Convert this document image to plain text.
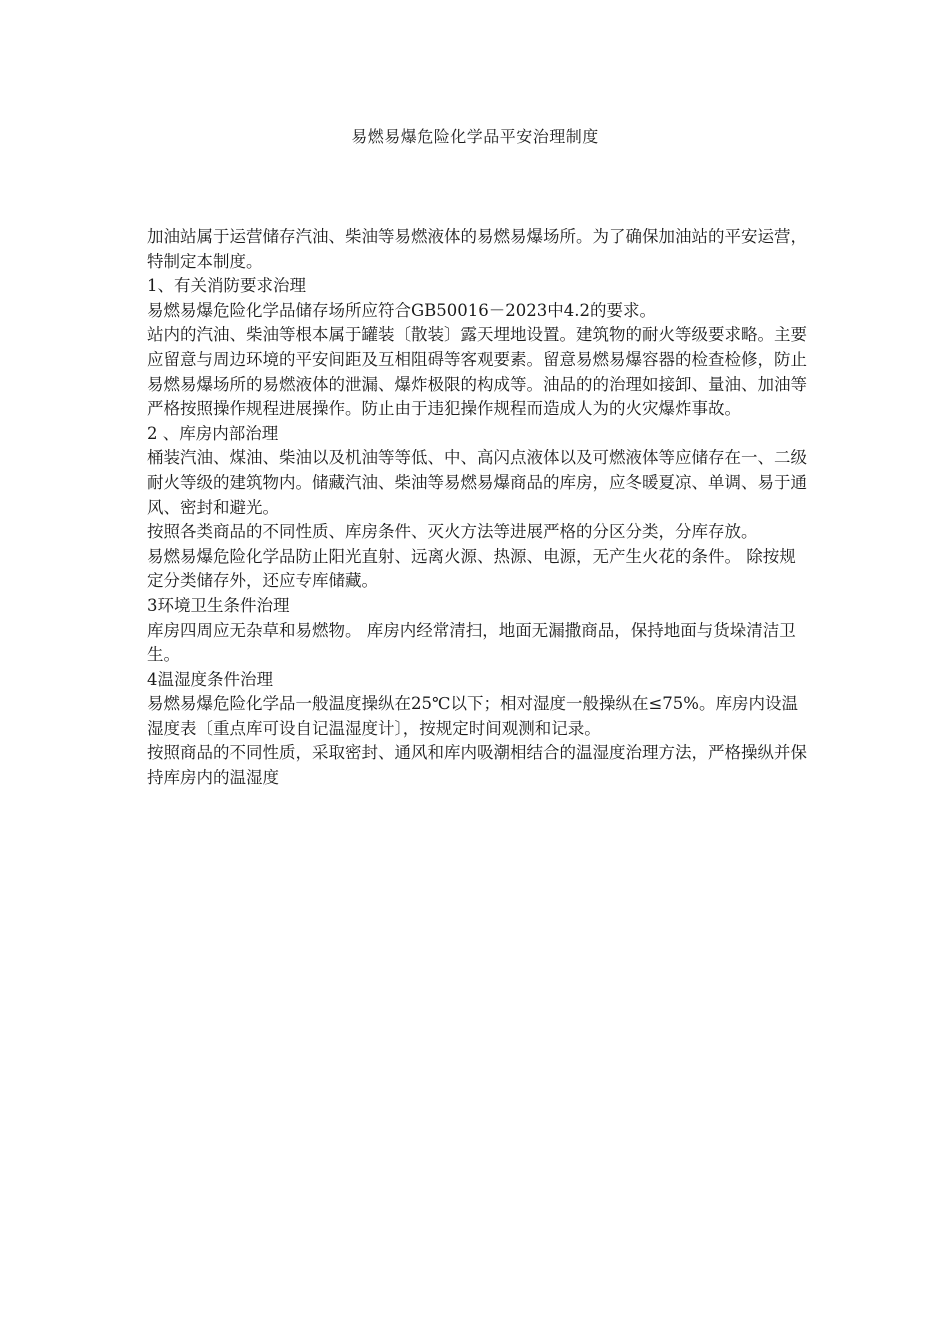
易燃易爆危险化学品平安治理制度

加油站属于运营储存汽油、柴油等易燃液体的易燃易爆场所。为了确保加油站的平安运营，特制定本制度。

1、有关消防要求治理

易燃易爆危险化学品储存场所应符合GB50016－2023中4.2的要求。

站内的汽油、柴油等根本属于罐装〔散装〕露天埋地设置。建筑物的耐火等级要求略。主要应留意与周边环境的平安间距及互相阻碍等客观要素。留意易燃易爆容器的检查检修，防止易燃易爆场所的易燃液体的泄漏、爆炸极限的构成等。油品的的治理如接卸、量油、加油等严格按照操作规程进展操作。防止由于违犯操作规程而造成人为的火灾爆炸事故。

2 、库房内部治理

桶装汽油、煤油、柴油以及机油等等低、中、高闪点液体以及可燃液体等应储存在一、二级耐火等级的建筑物内。储藏汽油、柴油等易燃易爆商品的库房，应冬暖夏凉、单调、易于通风、密封和避光。

按照各类商品的不同性质、库房条件、灭火方法等进展严格的分区分类，分库存放。

易燃易爆危险化学品防止阳光直射、远离火源、热源、电源，无产生火花的条件。 除按规定分类储存外，还应专库储藏。

3环境卫生条件治理

库房四周应无杂草和易燃物。 库房内经常清扫，地面无漏撒商品，保持地面与货垛清洁卫生。

4温湿度条件治理

易燃易爆危险化学品一般温度操纵在25℃以下；相对湿度一般操纵在≤75%。库房内设温湿度表〔重点库可设自记温湿度计〕，按规定时间观测和记录。

按照商品的不同性质，采取密封、通风和库内吸潮相结合的温湿度治理方法，严格操纵并保持库房内的温湿度
